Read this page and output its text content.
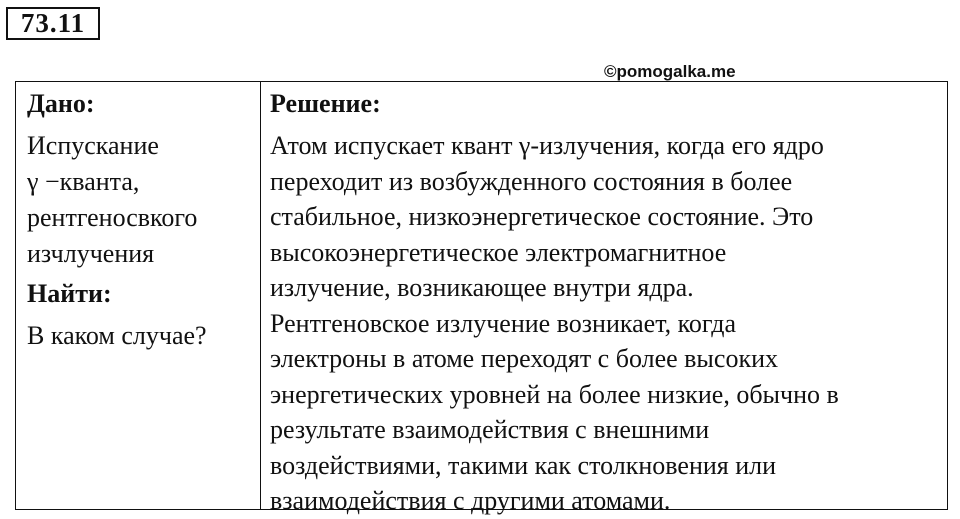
73.11
©pomogalka.me
Дано:
Испускание
γ −кванта,
рентгеносвкого
изчлучения
Найти:
В каком случае?
Решение:
Атом испускает квант γ-излучения, когда его ядро
переходит из возбужденного состояния в более
стабильное, низкоэнергетическое состояние. Это
высокоэнергетическое электромагнитное
излучение, возникающее внутри ядра.
Рентгеновское излучение возникает, когда
электроны в атоме переходят с более высоких
энергетических уровней на более низкие, обычно в
результате взаимодействия с внешними
воздействиями, такими как столкновения или
взаимодействия с другими атомами.
